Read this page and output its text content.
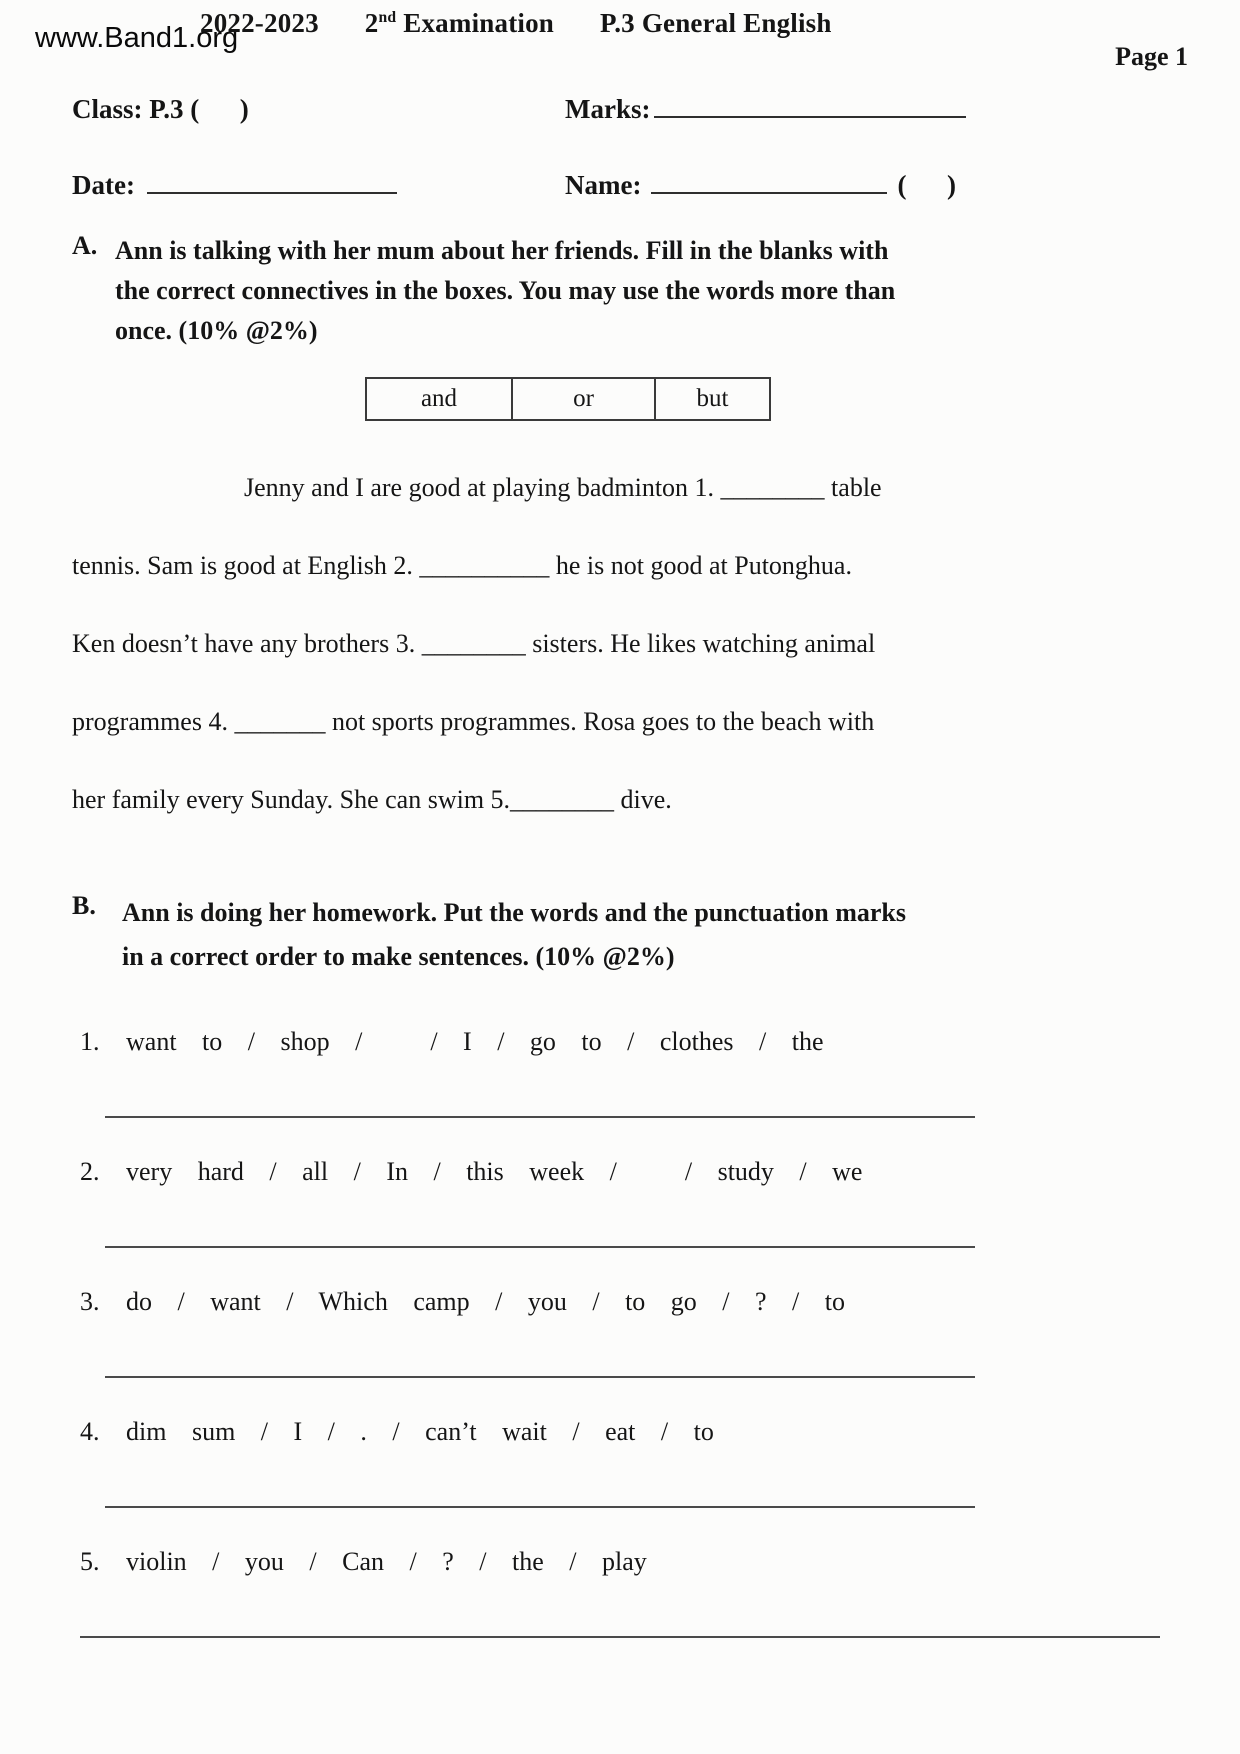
www.Band1.org
2022-2023 2nd Examination P.3 General English
Page 1
Class: P.3 (      )	Marks:
Date:	Name:	(      )
A. Ann is talking with her mum about her friends. Fill in the blanks with
the correct connectives in the boxes. You may use the words more than
once. (10% @2%)
and	or	but
Jenny and I are good at playing badminton 1. ________ table
tennis. Sam is good at English 2. __________ he is not good at Putonghua.
Ken doesn’t have any brothers 3. ________ sisters. He likes watching animal
programmes 4. _______ not sports programmes. Rosa goes to the beach with
her family every Sunday. She can swim 5.________ dive.
B.	Ann is doing her homework. Put the words and the punctuation marks
in a correct order to make sentences. (10% @2%)
1.	want   to   /   shop   /        /   I   /   go   to   /   clothes   /   the
2.	very   hard   /   all   /   In   /   this   week   /        /   study   /   we
3.	do   /   want   /   Which   camp   /   you   /   to   go   /   ?   /   to
4.	dim   sum   /   I   /   .   /   can’t   wait   /   eat   /   to
5.	violin   /   you   /   Can   /   ?   /   the   /   play
